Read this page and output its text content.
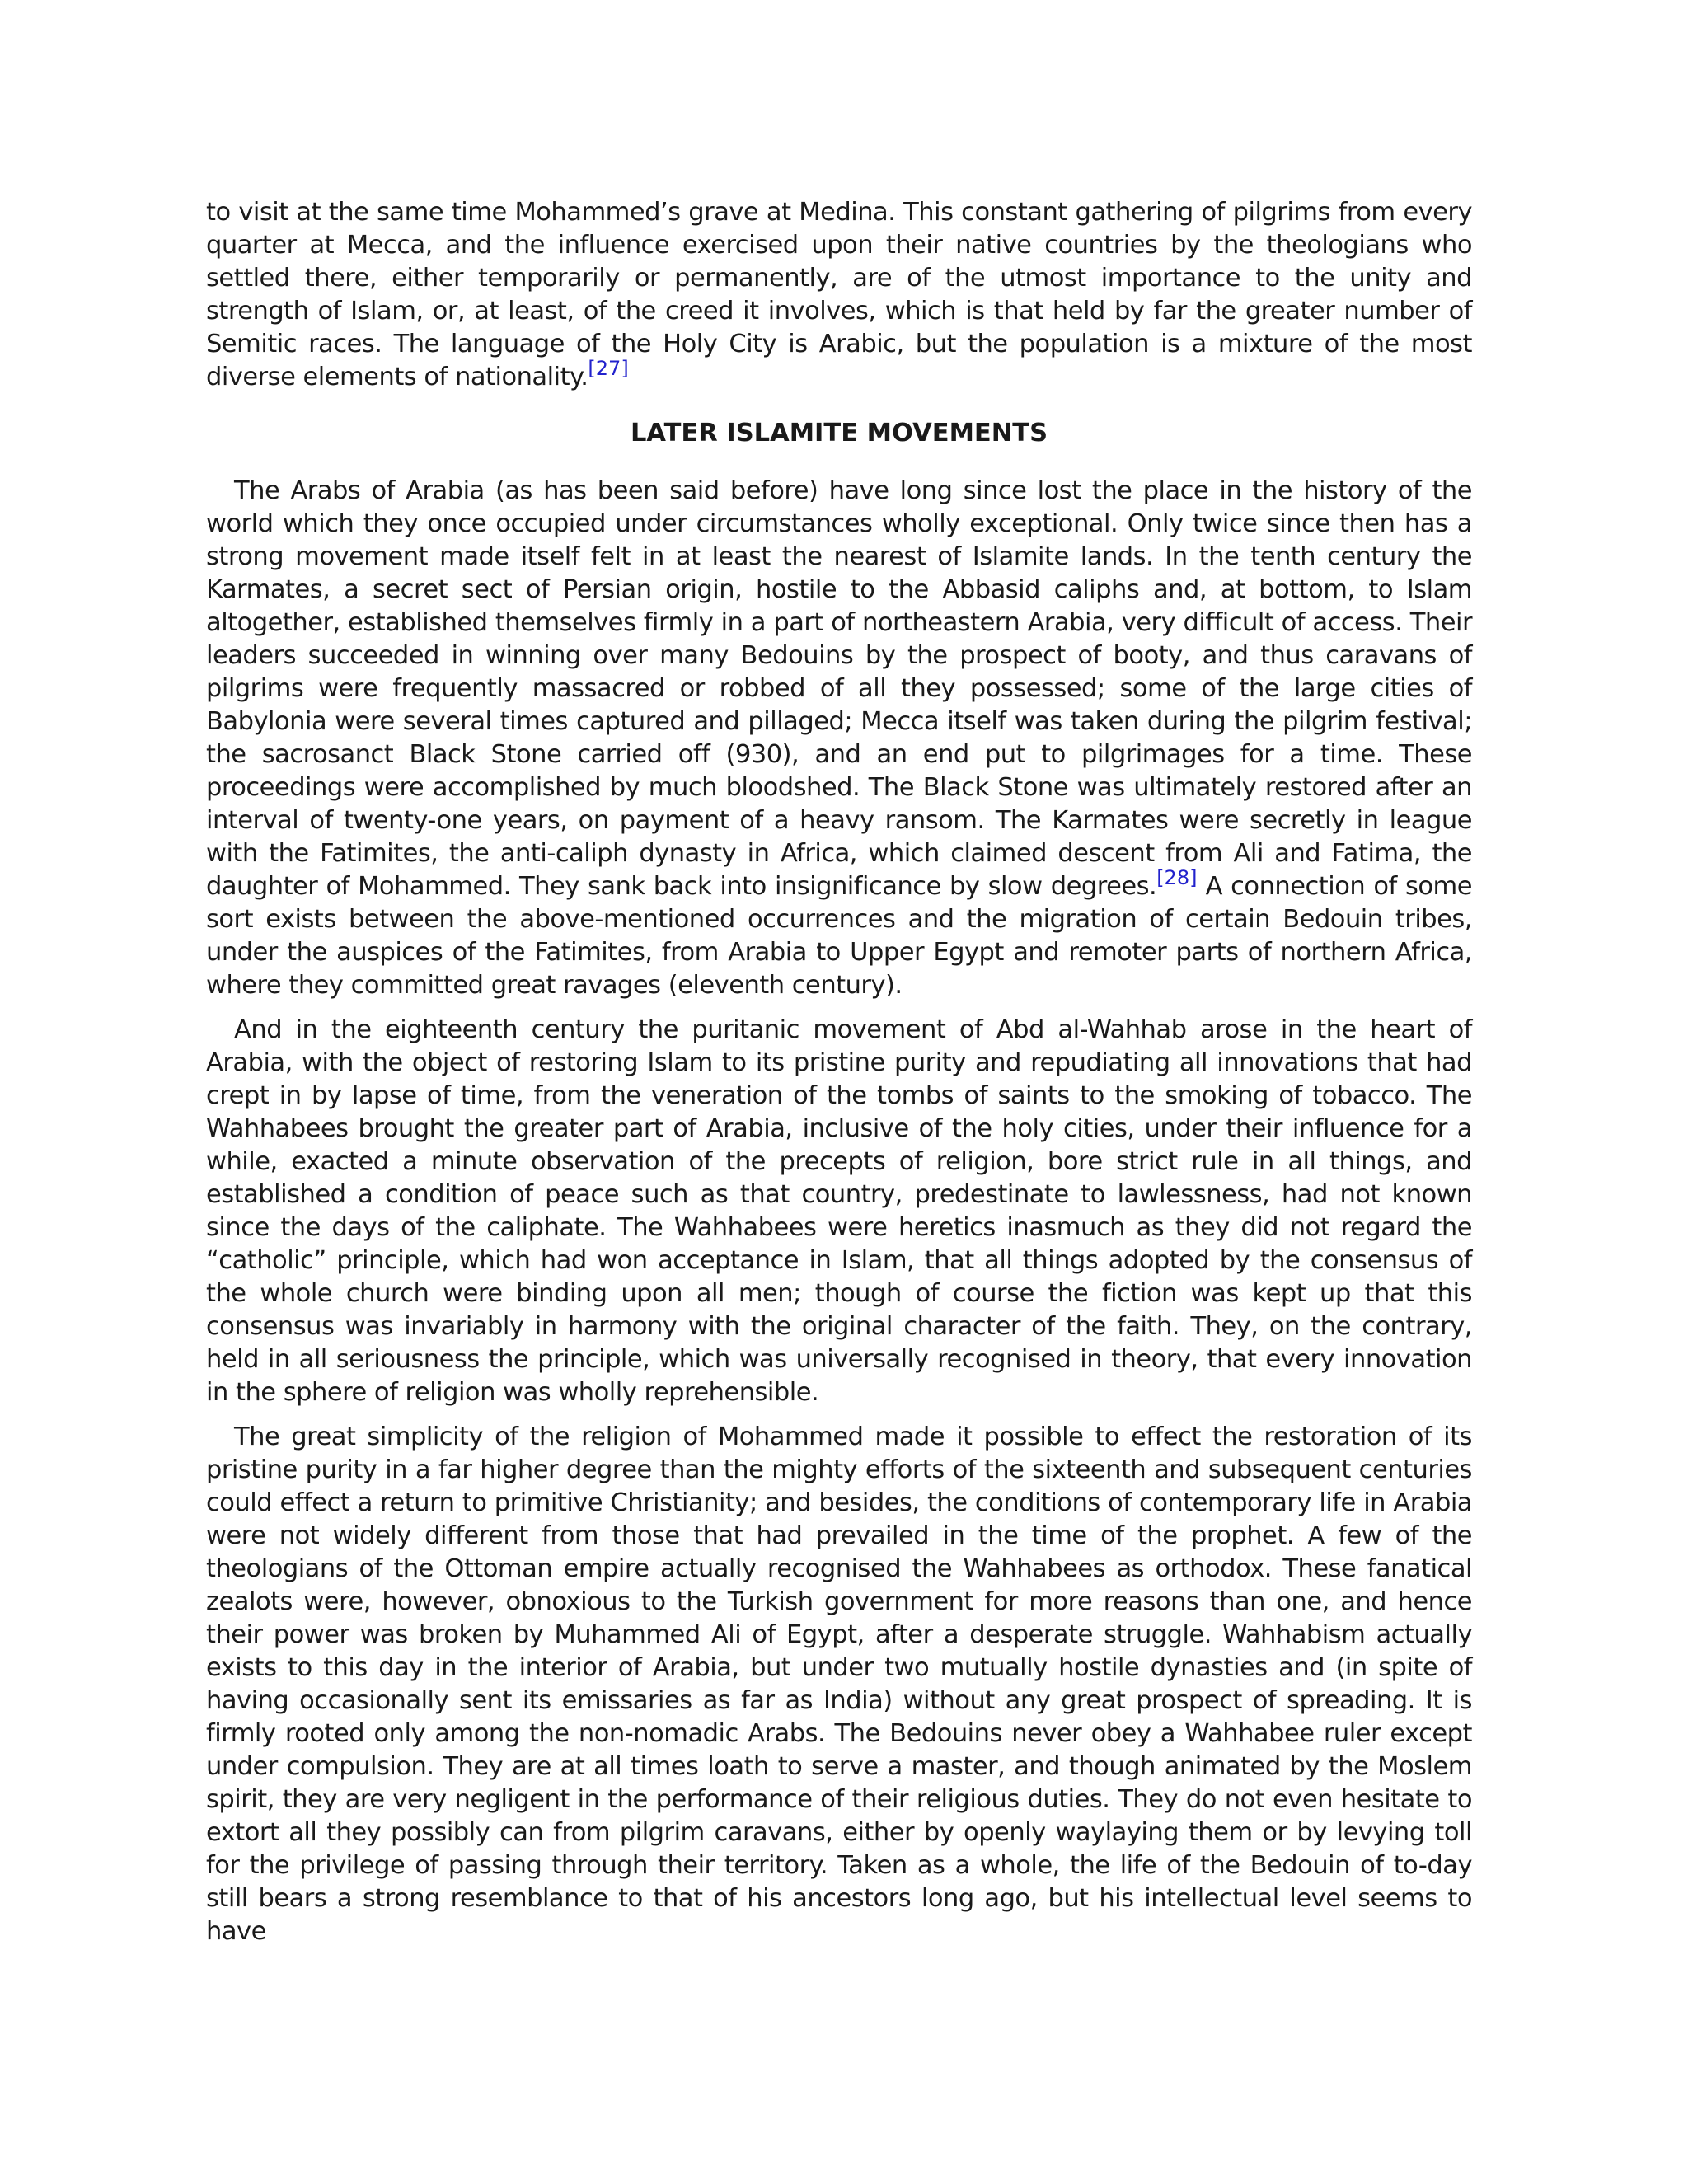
to visit at the same time Mohammed’s grave at Medina. This constant gathering of pilgrims from every quarter at Mecca, and the influence exercised upon their native countries by the theologians who settled there, either temporarily or permanently, are of the utmost importance to the unity and strength of Islam, or, at least, of the creed it involves, which is that held by far the greater number of Semitic races. The language of the Holy City is Arabic, but the population is a mixture of the most diverse elements of nationality.[27]

LATER ISLAMITE MOVEMENTS

The Arabs of Arabia (as has been said before) have long since lost the place in the history of the world which they once occupied under circumstances wholly exceptional. Only twice since then has a strong movement made itself felt in at least the nearest of Islamite lands. In the tenth century the Karmates, a secret sect of Persian origin, hostile to the Abbasid caliphs and, at bottom, to Islam altogether, established themselves firmly in a part of northeastern Arabia, very difficult of access. Their leaders succeeded in winning over many Bedouins by the prospect of booty, and thus caravans of pilgrims were frequently massacred or robbed of all they possessed; some of the large cities of Babylonia were several times captured and pillaged; Mecca itself was taken during the pilgrim festival; the sacrosanct Black Stone carried off (930), and an end put to pilgrimages for a time. These proceedings were accomplished by much bloodshed. The Black Stone was ultimately restored after an interval of twenty-one years, on payment of a heavy ransom. The Karmates were secretly in league with the Fatimites, the anti-caliph dynasty in Africa, which claimed descent from Ali and Fatima, the daughter of Mohammed. They sank back into insignificance by slow degrees.[28] A connection of some sort exists between the above-mentioned occurrences and the migration of certain Bedouin tribes, under the auspices of the Fatimites, from Arabia to Upper Egypt and remoter parts of northern Africa, where they committed great ravages (eleventh century).

And in the eighteenth century the puritanic movement of Abd al-Wahhab arose in the heart of Arabia, with the object of restoring Islam to its pristine purity and repudiating all innovations that had crept in by lapse of time, from the veneration of the tombs of saints to the smoking of tobacco. The Wahhabees brought the greater part of Arabia, inclusive of the holy cities, under their influence for a while, exacted a minute observation of the precepts of religion, bore strict rule in all things, and established a condition of peace such as that country, predestinate to lawlessness, had not known since the days of the caliphate. The Wahhabees were heretics inasmuch as they did not regard the “catholic” principle, which had won acceptance in Islam, that all things adopted by the consensus of the whole church were binding upon all men; though of course the fiction was kept up that this consensus was invariably in harmony with the original character of the faith. They, on the contrary, held in all seriousness the principle, which was universally recognised in theory, that every innovation in the sphere of religion was wholly reprehensible.

The great simplicity of the religion of Mohammed made it possible to effect the restoration of its pristine purity in a far higher degree than the mighty efforts of the sixteenth and subsequent centuries could effect a return to primitive Christianity; and besides, the conditions of contemporary life in Arabia were not widely different from those that had prevailed in the time of the prophet. A few of the theologians of the Ottoman empire actually recognised the Wahhabees as orthodox. These fanatical zealots were, however, obnoxious to the Turkish government for more reasons than one, and hence their power was broken by Muhammed Ali of Egypt, after a desperate struggle. Wahhabism actually exists to this day in the interior of Arabia, but under two mutually hostile dynasties and (in spite of having occasionally sent its emissaries as far as India) without any great prospect of spreading. It is firmly rooted only among the non-nomadic Arabs. The Bedouins never obey a Wahhabee ruler except under compulsion. They are at all times loath to serve a master, and though animated by the Moslem spirit, they are very negligent in the performance of their religious duties. They do not even hesitate to extort all they possibly can from pilgrim caravans, either by openly waylaying them or by levying toll for the privilege of passing through their territory. Taken as a whole, the life of the Bedouin of to-day still bears a strong resemblance to that of his ancestors long ago, but his intellectual level seems to have
